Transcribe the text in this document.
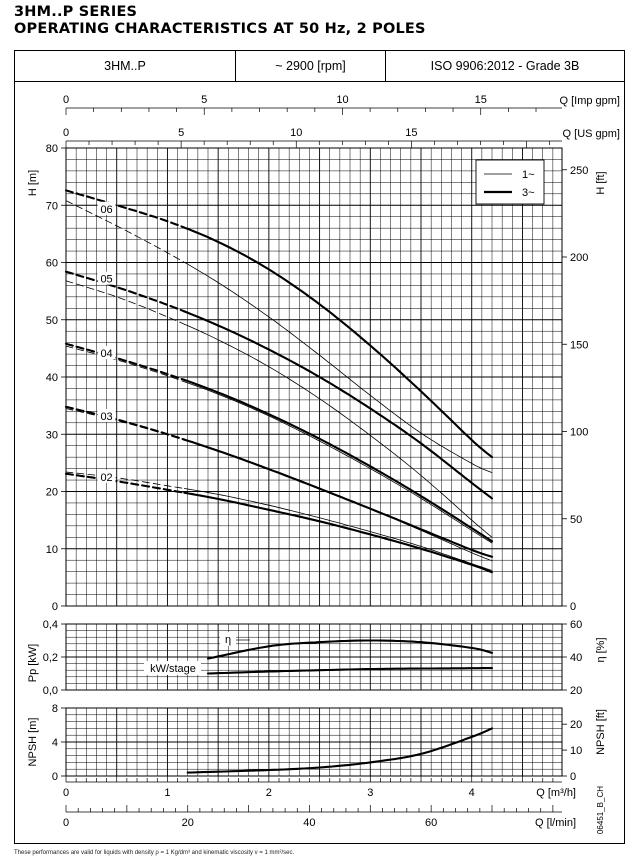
3HM..P SERIES
OPERATING CHARACTERISTICS AT 50 Hz, 2 POLES
3HM..P	~ 2900 [rpm]	ISO 9906:2012 - Grade 3B
0	5	10	15	Q [Imp gpm]
0	5	10	15	Q [US gpm]
0
10
20
30
40
50
60
70
80
H [m]
0
50
100
150
200
250
H [ft]
1~
3~
06
05
04
03
02
0,0
0,2
0,4
Pp [kW]
20
40
60
η [%]
η
kW/stage
0
4
8
NPSH [m]
0
10
20 NPSH [ft]
0	1	2	3	4	Q [m³/h]
0	20	40	60	Q [l/min]	06451_B_CH
These performances are valid for liquids with density ρ = 1 Kg/dm³ and kinematic viscosity ν = 1 mm²/sec.
